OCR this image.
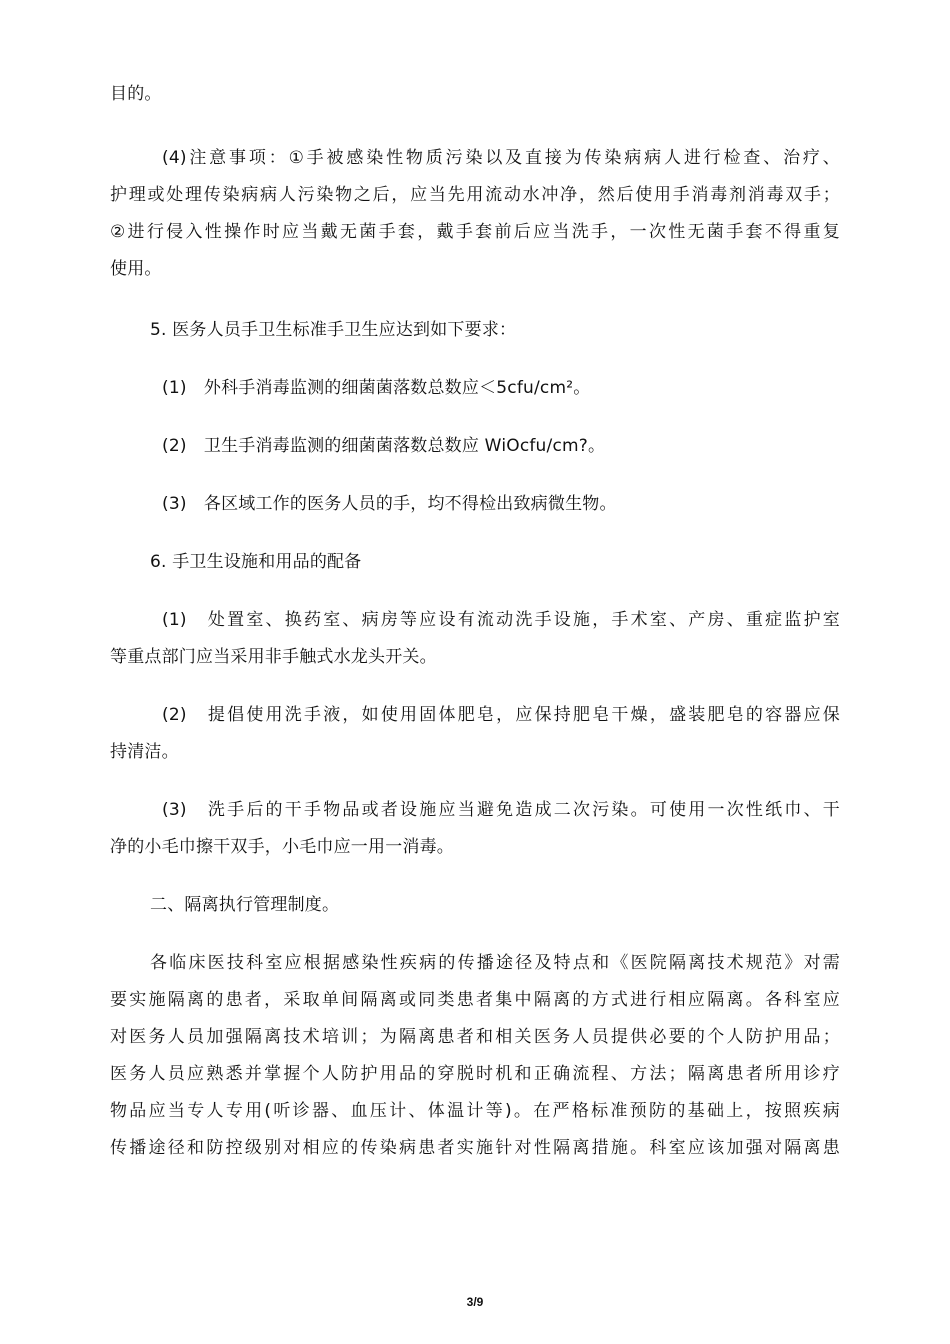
目的。
(4)注意事项：①手被感染性物质污染以及直接为传染病病人进行检查、治疗、
护理或处理传染病病人污染物之后，应当先用流动水冲净，然后使用手消毒剂消毒双手；
②进行侵入性操作时应当戴无菌手套，戴手套前后应当洗手，一次性无菌手套不得重复
使用。
5. 医务人员手卫生标准手卫生应达到如下要求：
(1)　外科手消毒监测的细菌菌落数总数应＜5cfu/cm²。
(2)　卫生手消毒监测的细菌菌落数总数应 WiOcfu/cm?。
(3)　各区域工作的医务人员的手，均不得检出致病微生物。
6. 手卫生设施和用品的配备
(1)　处置室、换药室、病房等应设有流动洗手设施，手术室、产房、重症监护室
等重点部门应当采用非手触式水龙头开关。
(2)　提倡使用洗手液，如使用固体肥皂，应保持肥皂干燥，盛装肥皂的容器应保
持清洁。
(3)　洗手后的干手物品或者设施应当避免造成二次污染。可使用一次性纸巾、干
净的小毛巾擦干双手，小毛巾应一用一消毒。
二、隔离执行管理制度。
各临床医技科室应根据感染性疾病的传播途径及特点和《医院隔离技术规范》对需
要实施隔离的患者，采取单间隔离或同类患者集中隔离的方式进行相应隔离。各科室应
对医务人员加强隔离技术培训；为隔离患者和相关医务人员提供必要的个人防护用品；
医务人员应熟悉并掌握个人防护用品的穿脱时机和正确流程、方法；隔离患者所用诊疗
物品应当专人专用(听诊器、血压计、体温计等)。在严格标准预防的基础上，按照疾病
传播途径和防控级别对相应的传染病患者实施针对性隔离措施。科室应该加强对隔离患
3/9
